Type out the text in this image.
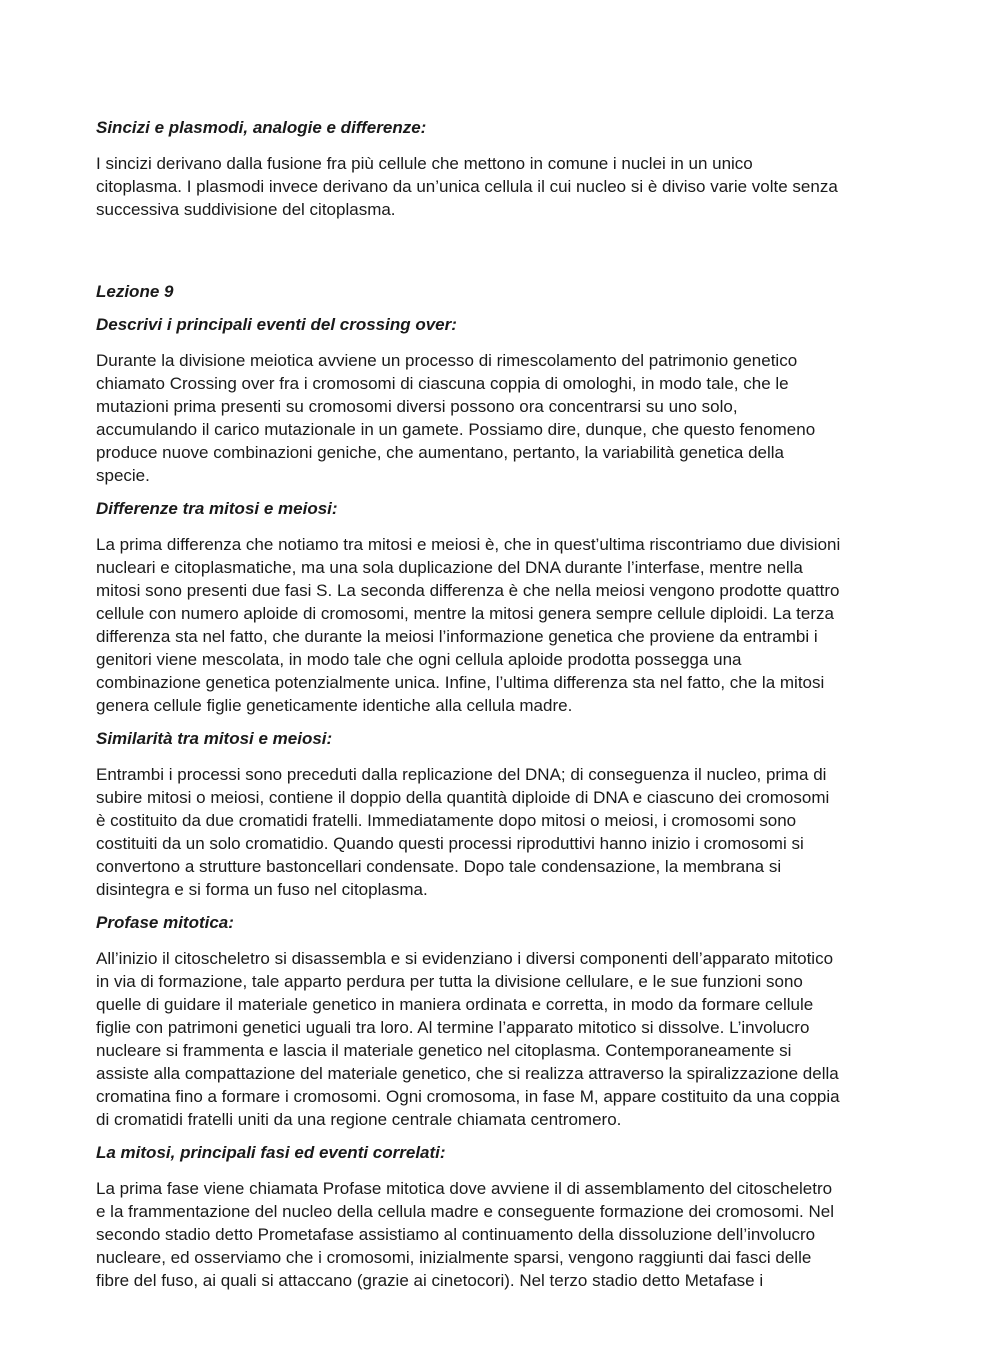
Sincizi e plasmodi, analogie e differenze:
I sincizi derivano dalla fusione fra più cellule che mettono in comune i nuclei in un unico
citoplasma. I plasmodi invece derivano da un’unica cellula il cui nucleo si è diviso varie volte senza
successiva suddivisione del citoplasma.
Lezione 9
Descrivi i principali eventi del crossing over:
Durante la divisione meiotica avviene un processo di rimescolamento del patrimonio genetico
chiamato Crossing over fra i cromosomi di ciascuna coppia di omologhi, in modo tale, che le
mutazioni prima presenti su cromosomi diversi possono ora concentrarsi su uno solo,
accumulando il carico mutazionale in un gamete. Possiamo dire, dunque, che questo fenomeno
produce nuove combinazioni geniche, che aumentano, pertanto, la variabilità genetica della
specie.
Differenze tra mitosi e meiosi:
La prima differenza che notiamo tra mitosi e meiosi è, che in quest’ultima riscontriamo due divisioni
nucleari e citoplasmatiche, ma una sola duplicazione del DNA durante l’interfase, mentre nella
mitosi sono presenti due fasi S. La seconda differenza è che nella meiosi vengono prodotte quattro
cellule con numero aploide di cromosomi, mentre la mitosi genera sempre cellule diploidi. La terza
differenza sta nel fatto, che durante la meiosi l’informazione genetica che proviene da entrambi i
genitori viene mescolata, in modo tale che ogni cellula aploide prodotta possegga una
combinazione genetica potenzialmente unica. Infine, l’ultima differenza sta nel fatto, che la mitosi
genera cellule figlie geneticamente identiche alla cellula madre.
Similarità tra mitosi e meiosi:
Entrambi i processi sono preceduti dalla replicazione del DNA; di conseguenza il nucleo, prima di
subire mitosi o meiosi, contiene il doppio della quantità diploide di DNA e ciascuno dei cromosomi
è costituito da due cromatidi fratelli. Immediatamente dopo mitosi o meiosi, i cromosomi sono
costituiti da un solo cromatidio. Quando questi processi riproduttivi hanno inizio i cromosomi si
convertono a strutture bastoncellari condensate. Dopo tale condensazione, la membrana si
disintegra e si forma un fuso nel citoplasma.
Profase mitotica:
All’inizio il citoscheletro si disassembla e si evidenziano i diversi componenti dell’apparato mitotico
in via di formazione, tale apparto perdura per tutta la divisione cellulare, e le sue funzioni sono
quelle di guidare il materiale genetico in maniera ordinata e corretta, in modo da formare cellule
figlie con patrimoni genetici uguali tra loro. Al termine l’apparato mitotico si dissolve. L’involucro
nucleare si frammenta e lascia il materiale genetico nel citoplasma. Contemporaneamente si
assiste alla compattazione del materiale genetico, che si realizza attraverso la spiralizzazione della
cromatina fino a formare i cromosomi. Ogni cromosoma, in fase M, appare costituito da una coppia
di cromatidi fratelli uniti da una regione centrale chiamata centromero.
La mitosi, principali fasi ed eventi correlati:
La prima fase viene chiamata Profase mitotica dove avviene il di assemblamento del citoscheletro
e la frammentazione del nucleo della cellula madre e conseguente formazione dei cromosomi. Nel
secondo stadio detto Prometafase assistiamo al continuamento della dissoluzione dell’involucro
nucleare, ed osserviamo che i cromosomi, inizialmente sparsi, vengono raggiunti dai fasci delle
fibre del fuso, ai quali si attaccano (grazie ai cinetocori). Nel terzo stadio detto Metafase i
